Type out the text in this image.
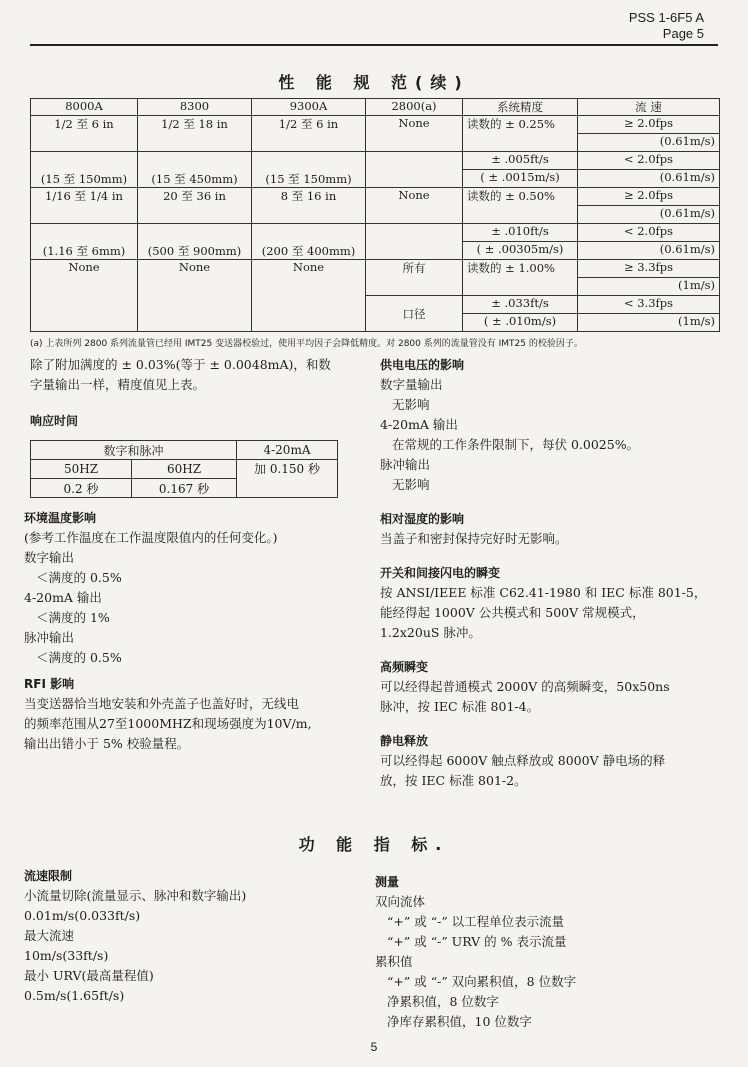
PSS 1-6F5 A
Page 5
性 能 规 范(续)
8000A	8300	9300A	2800(a)	系统精度	流 速
1/2 至 6 in	1/2 至 18 in	1/2 至 6 in	None	读数的 ± 0.25%	≥ 2.0fps
					(0.61m/s)
(15 至 150mm)	(15 至 450mm)	(15 至 150mm)		± .005ft/s	< 2.0fps
				( ± .0015m/s)	(0.61m/s)
1/16 至 1/4 in	20 至 36 in	8 至 16 in	None	读数的 ± 0.50%	≥ 2.0fps
					(0.61m/s)
(1.16 至 6mm)	(500 至 900mm)	(200 至 400mm)		± .010ft/s	< 2.0fps
				( ± .00305m/s)	(0.61m/s)
None	None	None	所有	读数的 ± 1.00%	≥ 3.3fps
					(1m/s)
			口径	± .033ft/s	< 3.3fps
				( ± .010m/s)	(1m/s)
(a) 上表所列 2800 系列流量管已经用 IMT25 变送器校验过，使用平均因子会降低精度。对 2800 系列的流量管没有 IMT25 的校验因子。

除了附加满度的 ± 0.03%(等于 ± 0.0048mA)，和数

字量输出一样，精度值见上表。

响应时间

数字和脉冲		4-20mA
50HZ	60HZ	加 0.150 秒
0.2 秒	0.167 秒	

环境温度影响

(参考工作温度在工作温度限值内的任何变化。)

数字输出

＜满度的 0.5%

4-20mA 输出

＜满度的 1%

脉冲输出

＜满度的 0.5%

RFI 影响

当变送器恰当地安装和外壳盖子也盖好时，无线电

的频率范围从27至1000MHZ和现场强度为10V/m,

输出出错小于 5% 校验量程。

供电电压的影响

数字量输出

无影响

4-20mA 输出

在常规的工作条件限制下，每伏 0.0025%。

脉冲输出

无影响

相对湿度的影响

当盖子和密封保持完好时无影响。

开关和间接闪电的瞬变

按 ANSI/IEEE 标准 C62.41-1980 和 IEC 标准 801-5，

能经得起 1000V 公共模式和 500V 常规模式，

1.2x20uS 脉冲。

高频瞬变

可以经得起普通模式 2000V 的高频瞬变，50x50ns

脉冲，按 IEC 标准 801-4。

静电释放

可以经得起 6000V 触点释放或 8000V 静电场的释

放，按 IEC 标准 801-2。

功 能 指 标.

流速限制

小流量切除(流量显示、脉冲和数字输出)

0.01m/s(0.033ft/s)

最大流速

10m/s(33ft/s)

最小 URV(最高量程值)

0.5m/s(1.65ft/s)

测量

双向流体

“+” 或 “-” 以工程单位表示流量

“+” 或 “-” URV 的 % 表示流量

累积值

“+” 或 “-” 双向累积值，8 位数字

净累积值，8 位数字

净库存累积值，10 位数字

5
